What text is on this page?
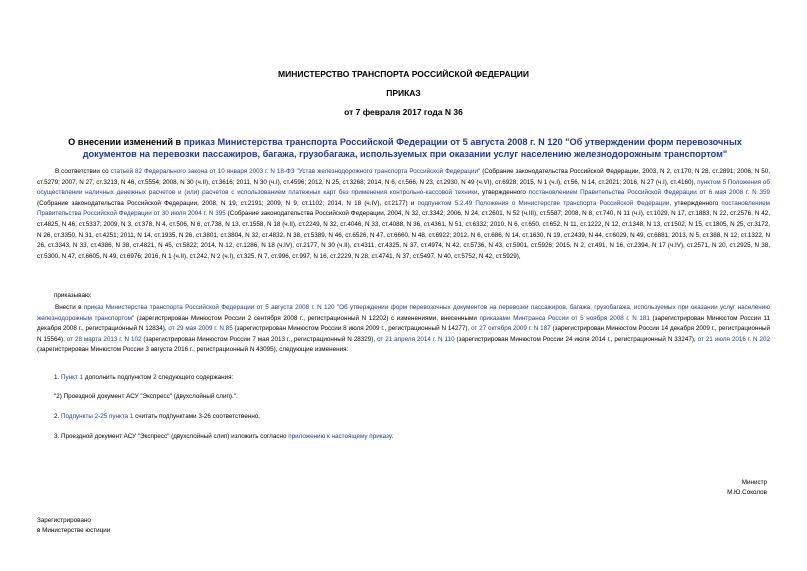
МИНИСТЕРСТВО ТРАНСПОРТА РОССИЙСКОЙ ФЕДЕРАЦИИ
ПРИКАЗ
от 7 февраля 2017 года N 36
О внесении изменений в приказ Министерства транспорта Российской Федерации от 5 августа 2008 г. N 120 "Об утверждении форм перевозочных документов на перевозки пассажиров, багажа, грузобагажа, используемых при оказании услуг населению железнодорожным транспортом"
В соответствии со статьей 82 Федерального закона от 10 января 2003 г. N 18-ФЗ "Устав железнодорожного транспорта Российской Федерации" (Собрание законодательства Российской Федерации, 2003, N 2, ст.170, N 28, ст.2891; 2006, N 50, ст.5279; 2007, N 27, ст.3213, N 46, ст.5554; 2008, N 30 (ч.II), ст.3616; 2011, N 30 (ч.I), ст.4596; 2012, N 25, ст.3268; 2014, N 6, ст.566, N 23, ст.2930, N 49 (ч.VI), ст.6928; 2015, N 1 (ч.I), ст.56, N 14, ст.2021; 2016, N 27 (ч.I), ст.4160), пунктом 5 Положения об осуществлении наличных денежных расчетов и (или) расчетов с использованием платежных карт без применения контрольно-кассовой техники, утвержденного постановлением Правительства Российской Федерации от 6 мая 2008 г. N 359 (Собрание законодательства Российской Федерации, 2008, N 19, ст.2191; 2009, N 9, ст.1102; 2014, N 18 (ч.IV), ст.2177) и подпунктом 5.2.49 Положения о Министерстве транспорта Российской Федерации, утвержденного постановлением Правительства Российской Федерации от 30 июля 2004 г. N 395 (Собрание законодательства Российской Федерации, 2004, N 32, ст.3342; 2006, N 24, ст.2601, N 52 (ч.III), ст.5587; 2008, N 8, ст.740, N 11 (ч.I), ст.1029, N 17, ст.1883, N 22, ст.2576, N 42, ст.4825, N 46, ст.5337; 2009, N 3, ст.378, N 4, ст.506, N 6, ст.738, N 13, ст.1558, N 18 (ч.II), ст.2249, N 32, ст.4046, N 33, ст.4088, N 36, ст.4361, N 51, ст.6332; 2010, N 6, ст.650, ст.652, N 11, ст.1222, N 12, ст.1348, N 13, ст.1502, N 15, ст.1805, N 25, ст.3172, N 26, ст.3350, N 31, ст.4251; 2011, N 14, ст.1935, N 26, ст.3801, ст.3804, N 32, ст.4832, N 38, ст.5389, N 46, ст.6526, N 47, ст.6660, N 48, ст.6922; 2012, N 6, ст.686, N 14, ст.1630, N 19, ст.2439, N 44, ст.6029, N 49, ст.6881; 2013, N 5, ст.388, N 12, ст.1322, N 26, ст.3343, N 33, ст.4386, N 38, ст.4821, N 45, ст.5822; 2014, N 12, ст.1286, N 18 (ч.IV), ст.2177, N 30 (ч.II), ст.4311, ст.4325, N 37, ст.4974, N 42, ст.5736, N 43, ст.5901, ст.5926; 2015, N 2, ст.491, N 16, ст.2394, N 17 (ч.IV), ст.2571, N 20, ст.2925, N 38, ст.5300, N 47, ст.6605, N 49, ст.6976; 2016, N 1 (ч.II), ст.242, N 2 (ч.I), ст.325, N 7, ст.996, ст.997, N 16, ст.2229, N 28, ст.4741, N 37, ст.5497, N 40, ст.5752, N 42, ст.5929),
приказываю:
Внести в приказ Министерства транспорта Российской Федерации от 5 августа 2008 г. N 120 "Об утверждении форм перевозочных документов на перевозки пассажиров, багажа, грузобагажа, используемых при оказании услуг населению железнодорожным транспортом" (зарегистрирован Минюстом России 2 сентября 2008 г., регистрационный N 12202) с изменениями, внесенными приказами Минтранса России от 5 ноября 2008 г. N 181 (зарегистрирован Минюстом России 11 декабря 2008 г., регистрационный N 12834), от 29 мая 2009 г. N 85 (зарегистрирован Минюстом России 8 июля 2009 г., регистрационный N 14277), от 27 октября 2009 г. N 187 (зарегистрирован Минюстом России 14 декабря 2009 г., регистрационный N 15564), от 28 марта 2013 г. N 102 (зарегистрирован Минюстом России 7 мая 2013 г., регистрационный N 28329), от 21 апреля 2014 г. N 110 (зарегистрирован Минюстом России 24 июля 2014 г., регистрационный N 33247), от 21 июля 2016 г. N 202 (зарегистрирован Минюстом России 3 августа 2016 г., регистрационный N 43095), следующие изменения:
1. Пункт 1 дополнить подпунктом 2 следующего содержания:
"2) Проездной документ АСУ "Экспресс" (двухслойный слип).".
2. Подпункты 2-25 пункта 1 считать подпунктами 3-26 соответственно.
3. Проездной документ АСУ "Экспресс" (двухслойный слип) изложить согласно приложению к настоящему приказу.
Министр
М.Ю.Соколов
Зарегистрировано
в Министерстве юстиции
